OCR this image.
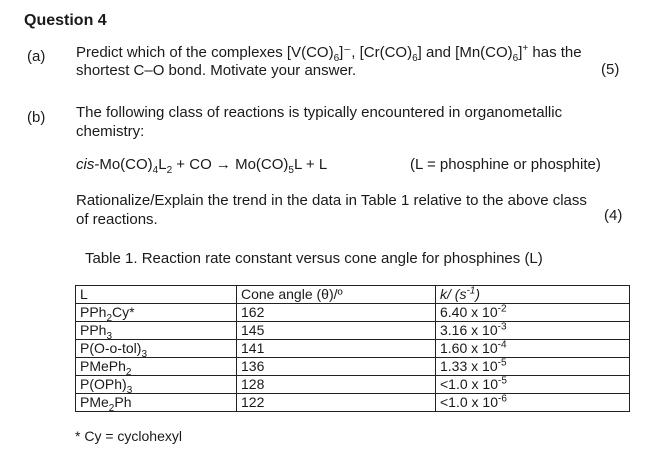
Question 4
(a) Predict which of the complexes $[V(CO)_6]^-$, $[Cr(CO)_6]$ and $[Mn(CO)_6]^+$ has the
shortest C–O bond. Motivate your answer.	(5)
(b) The following class of reactions is typically encountered in organometallic
chemistry:
cis-$Mo(CO)_4L_2$ + CO → $Mo(CO)_5L + L$	(L = phosphine or phosphite)
Rationalize/Explain the trend in the data in Table 1 relative to the above class
of reactions.	(4)
Table 1. Reaction rate constant versus cone angle for phosphines (L)
L	Cone angle (θ)/º	k/ $(s^{-1})$
PPh$_2$Cy*	162	6.40 x $10^{-2}$
PPh$_3$	145	3.16 x $10^{-3}$
$P(O-o-tol)_3$	141	1.60 x $10^{-4}$
PMePh$_2$	136	1.33 x $10^{-5}$
$P(OPh)_3$	128	<1.0 x $10^{-5}$
PMe$_2$Ph	122	<1.0 x $10^{-6}$
* Cy = cyclohexyl
